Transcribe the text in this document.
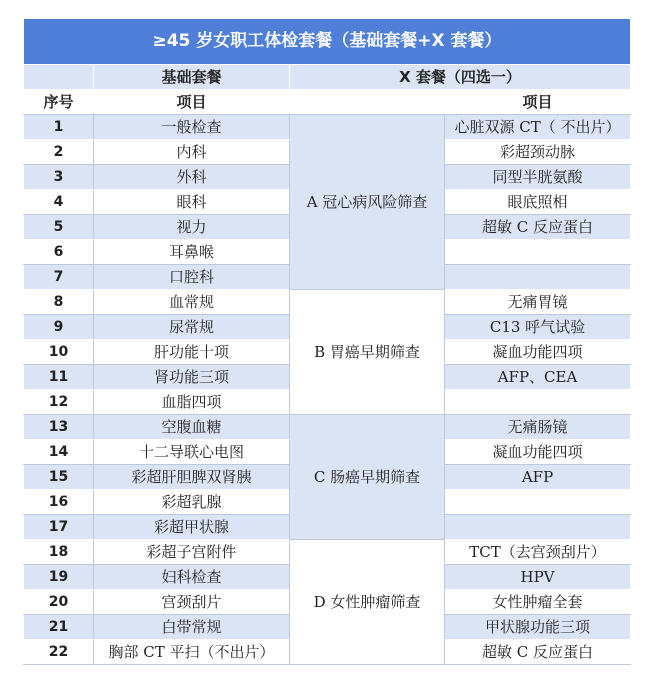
≥45 岁女职工体检套餐（基础套餐+X 套餐）			
	基础套餐	X 套餐（四选一）	
序号	项目		项目
1	一般检查	A 冠心病风险筛查	心脏双源 CT（ 不出片）
2	内科		彩超颈动脉
3	外科		同型半胱氨酸
4	眼科		眼底照相
5	视力		超敏 C 反应蛋白
6	耳鼻喉		
7	口腔科		
8	血常规	B 胃癌早期筛查	无痛胃镜
9	尿常规		C13 呼气试验
10	肝功能十项		凝血功能四项
11	肾功能三项		AFP、CEA
12	血脂四项		
13	空腹血糖	C 肠癌早期筛查	无痛肠镜
14	十二导联心电图		凝血功能四项
15	彩超肝胆脾双肾胰		AFP
16	彩超乳腺		
17	彩超甲状腺		
18	彩超子宫附件	D 女性肿瘤筛查	TCT（去宫颈刮片）
19	妇科检查		HPV
20	宫颈刮片		女性肿瘤全套
21	白带常规		甲状腺功能三项
22	胸部 CT 平扫（不出片）		超敏 C 反应蛋白
